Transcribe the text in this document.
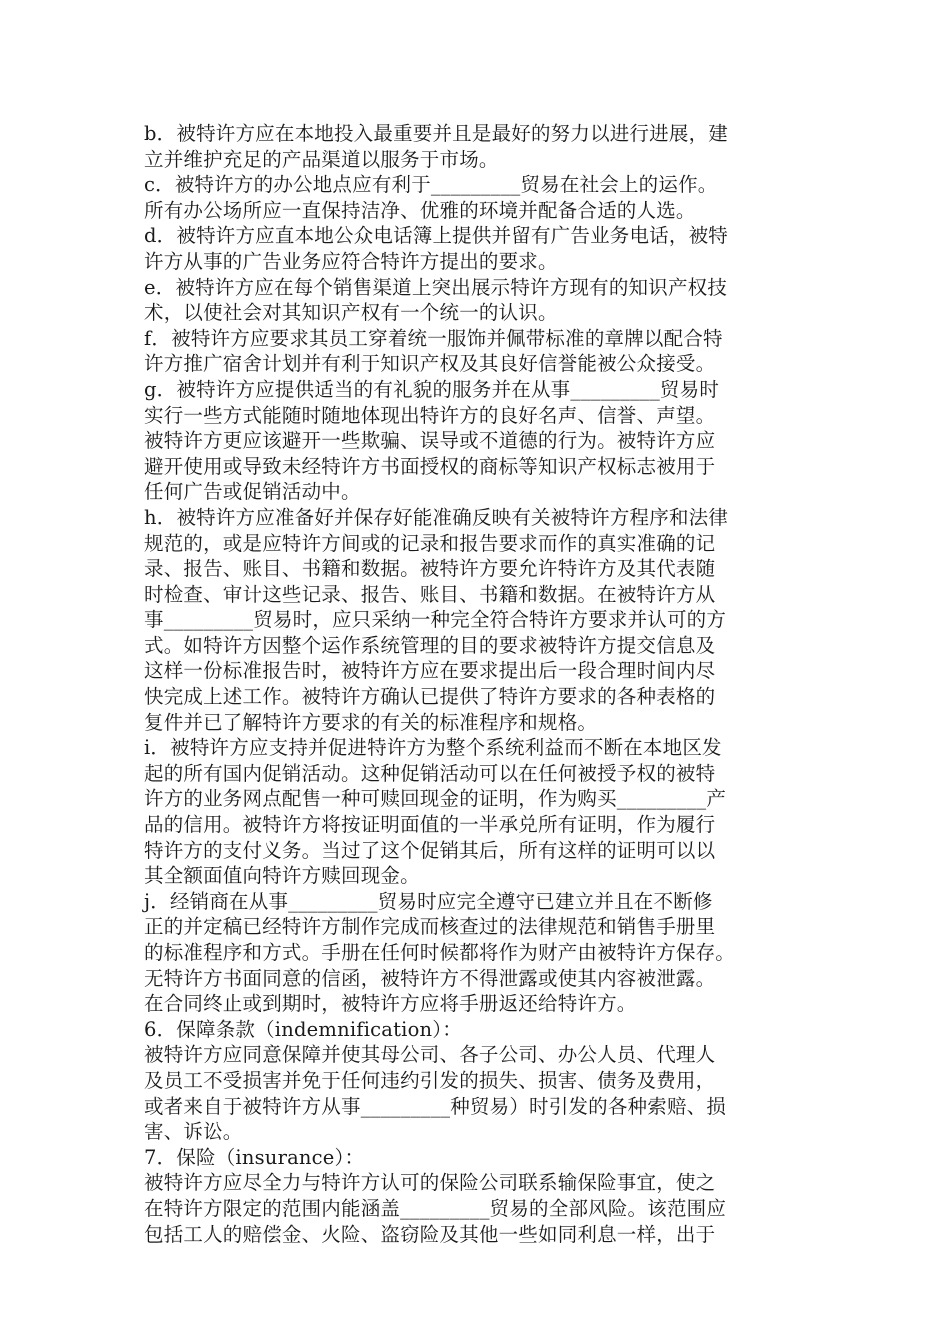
b．被特许方应在本地投入最重要并且是最好的努力以进行进展，建
立并维护充足的产品渠道以服务于市场。
c．被特许方的办公地点应有利于_________贸易在社会上的运作。
所有办公场所应一直保持洁净、优雅的环境并配备合适的人选。
d．被特许方应直本地公众电话簿上提供并留有广告业务电话，被特
许方从事的广告业务应符合特许方提出的要求。
e．被特许方应在每个销售渠道上突出展示特许方现有的知识产权技
术，以使社会对其知识产权有一个统一的认识。
f．被特许方应要求其员工穿着统一服饰并佩带标准的章牌以配合特
许方推广宿舍计划并有利于知识产权及其良好信誉能被公众接受。
g．被特许方应提供适当的有礼貌的服务并在从事_________贸易时
实行一些方式能随时随地体现出特许方的良好名声、信誉、声望。
被特许方更应该避开一些欺骗、误导或不道德的行为。被特许方应
避开使用或导致未经特许方书面授权的商标等知识产权标志被用于
任何广告或促销活动中。
h．被特许方应准备好并保存好能准确反映有关被特许方程序和法律
规范的，或是应特许方间或的记录和报告要求而作的真实准确的记
录、报告、账目、书籍和数据。被特许方要允许特许方及其代表随
时检查、审计这些记录、报告、账目、书籍和数据。在被特许方从
事_________贸易时，应只采纳一种完全符合特许方要求并认可的方
式。如特许方因整个运作系统管理的目的要求被特许方提交信息及
这样一份标准报告时，被特许方应在要求提出后一段合理时间内尽
快完成上述工作。被特许方确认已提供了特许方要求的各种表格的
复件并已了解特许方要求的有关的标准程序和规格。
i．被特许方应支持并促进特许方为整个系统利益而不断在本地区发
起的所有国内促销活动。这种促销活动可以在任何被授予权的被特
许方的业务网点配售一种可赎回现金的证明，作为购买_________产
品的信用。被特许方将按证明面值的一半承兑所有证明，作为履行
特许方的支付义务。当过了这个促销其后，所有这样的证明可以以
其全额面值向特许方赎回现金。
j．经销商在从事_________贸易时应完全遵守已建立并且在不断修
正的并定稿已经特许方制作完成而核查过的法律规范和销售手册里
的标准程序和方式。手册在任何时候都将作为财产由被特许方保存。
无特许方书面同意的信函，被特许方不得泄露或使其内容被泄露。
在合同终止或到期时，被特许方应将手册返还给特许方。
6．保障条款（indemnification）：
被特许方应同意保障并使其母公司、各子公司、办公人员、代理人
及员工不受损害并免于任何违约引发的损失、损害、债务及费用，
或者来自于被特许方从事_________种贸易）时引发的各种索赔、损
害、诉讼。
7．保险（insurance）：
被特许方应尽全力与特许方认可的保险公司联系输保险事宜，使之
在特许方限定的范围内能涵盖_________贸易的全部风险。该范围应
包括工人的赔偿金、火险、盗窃险及其他一些如同利息一样，出于
